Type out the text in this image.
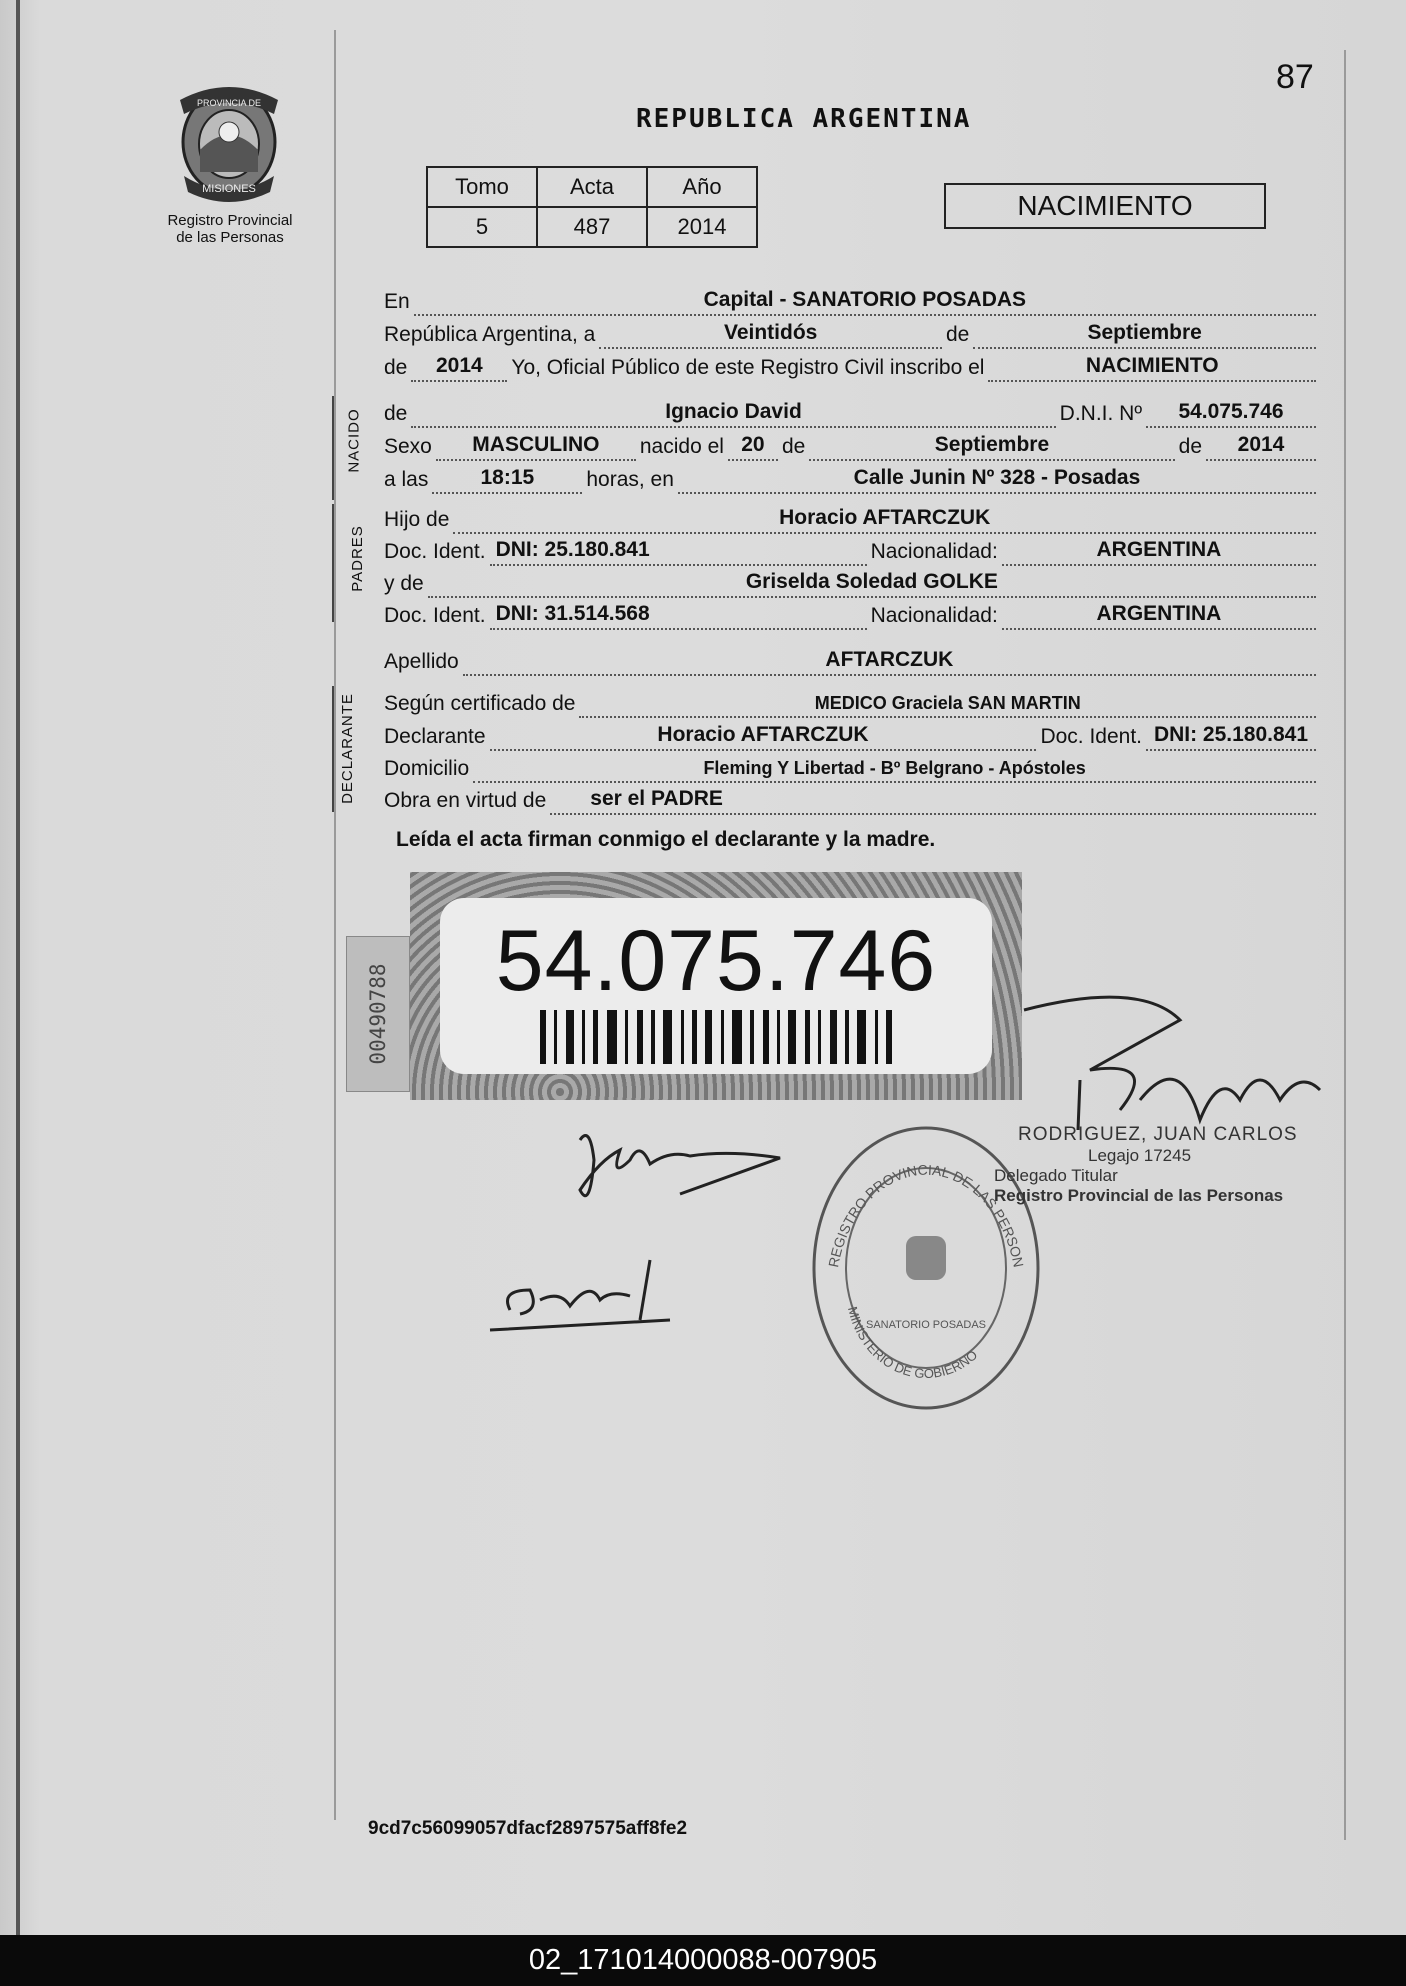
PROVINCIA DE
MISIONES
Registro Provincial
de las Personas
87
REPUBLICA ARGENTINA
Tomo	Acta	Año
5	487	2014
NACIMIENTO
En	Capital - SANATORIO POSADAS
República Argentina, a	Veintidós	de	Septiembre
de	2014	Yo, Oficial Público de este Registro Civil inscribo el	NACIMIENTO
NACIDO de	Ignacio David	D.N.I. Nº	54.075.746
Sexo	MASCULINO	nacido el 20 de	Septiembre	de	2014
a las	18:15	horas, en	Calle Junin Nº 328 - Posadas
PADRES
Hijo de	Horacio AFTARCZUK
Doc. Ident. DNI: 25.180.841	Nacionalidad:	ARGENTINA
y de	Griselda Soledad GOLKE
Doc. Ident. DNI: 31.514.568	Nacionalidad:	ARGENTINA
Apellido	AFTARCZUK
DECLARANTE Según certificado de	MEDICO Graciela SAN MARTIN
Declarante	Horacio AFTARCZUK	Doc. Ident. DNI: 25.180.841
Domicilio	Fleming Y Libertad - Bº Belgrano - Apóstoles
Obra en virtud de ser el PADRE
Leída el acta firman conmigo el declarante y la madre.
00490788
54.075.746
REGISTRO PROVINCIAL DE LAS PERSON
MINISTERIO DE GOBIERNO
SANATORIO POSADAS
RODRIGUEZ, JUAN CARLOS
Legajo 17245
Delegado Titular
Registro Provincial de las Personas
9cd7c56099057dfacf2897575aff8fe2
02_171014000088-007905
